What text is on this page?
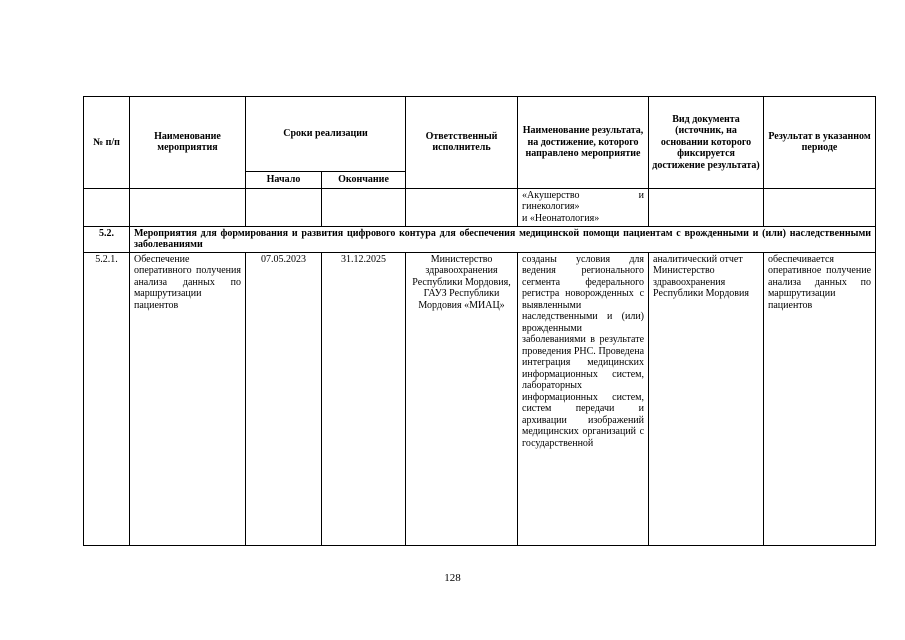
№ п/п	Наименование мероприятия	Сроки реализации		Ответственный исполнитель	Наименование результата, на достижение, которого направлено мероприятие	Вид документа (источник, на основании которого фиксируется достижение результата)	Результат в указанном периоде
		Начало	Окончание				

					«Акушерство и
гинекология»
и «Неонатология»		

5.2.	Мероприятия для формирования и развития цифрового контура для обеспечения медицинской помощи пациентам с врожденными и (или) наследственными заболеваниями						
5.2.1.	Обеспечение оперативного получения анализа данных по маршрутизации пациентов	07.05.2023	31.12.2025	Министерство здравоохранения Республики Мордовия, ГАУЗ Республики Мордовия «МИАЦ»	созданы условия для ведения регионального сегмента федерального регистра новорожденных с выявленными наследственными и (или) врожденными заболеваниями в результате проведения РНС. Проведена интеграция медицинских информационных систем, лабораторных информационных систем, систем передачи и архивации изображений медицинских организаций с государственной	аналитический отчет Министерство здравоохранения Республики Мордовия	обеспечивается оперативное получение анализа данных по маршрутизации пациентов
128
